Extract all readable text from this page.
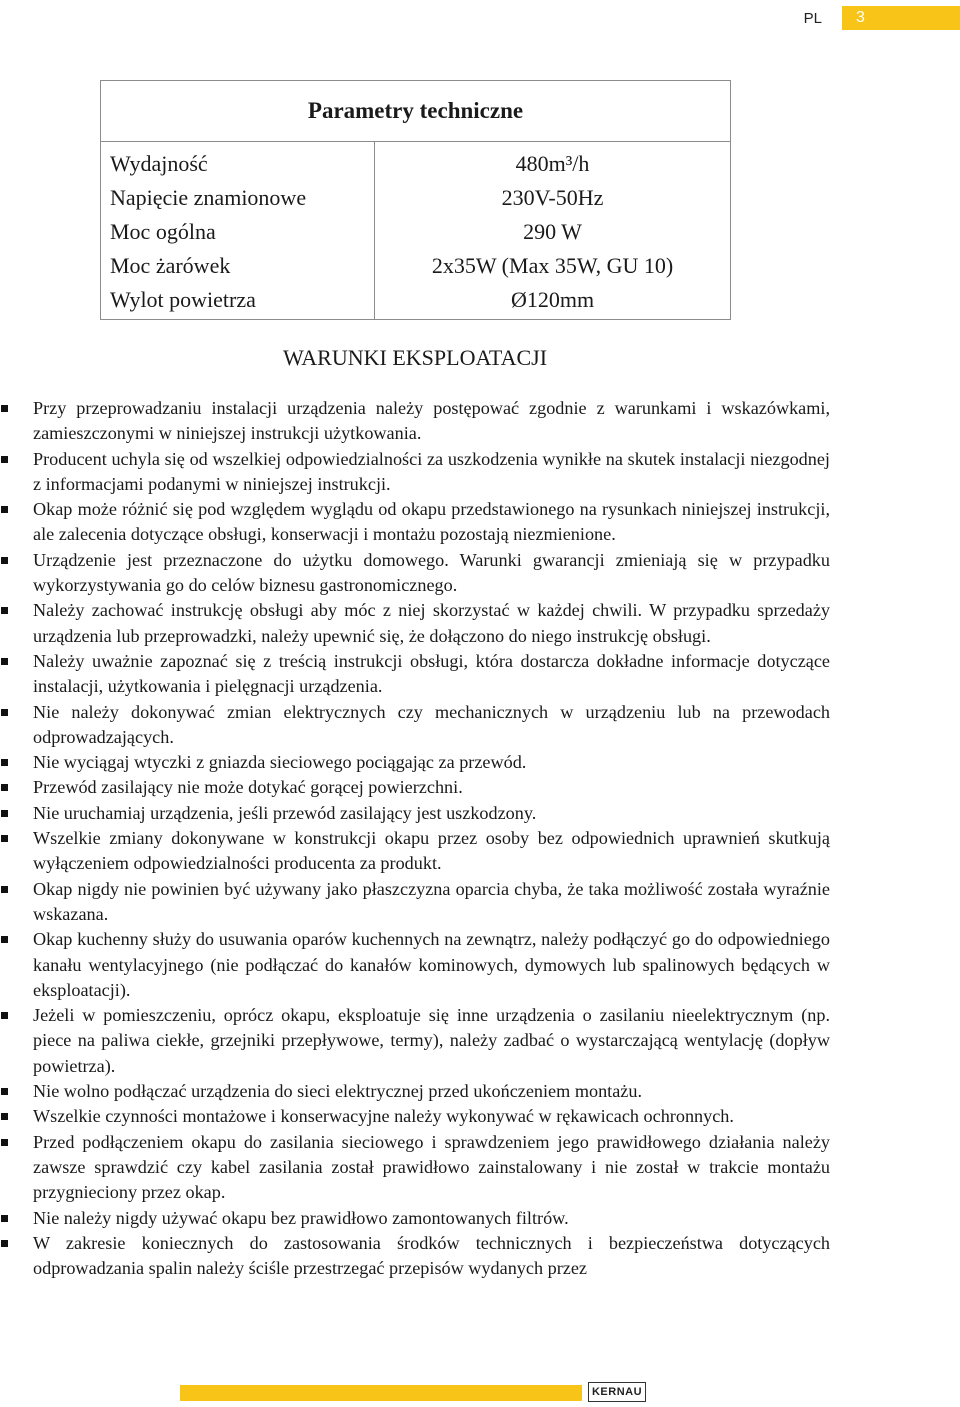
PL	3
Parametry techniczne	
Wydajność	480m³/h
Napięcie znamionowe	230V-50Hz
Moc ogólna	290 W
Moc żarówek	2x35W (Max 35W, GU 10)
Wylot powietrza	Ø120mm
WARUNKI EKSPLOATACJI
Przy przeprowadzaniu instalacji urządzenia należy postępować zgodnie z warunkami i wskazówkami, zamieszczonymi w niniejszej instrukcji użytkowania.
Producent uchyla się od wszelkiej odpowiedzialności za uszkodzenia wynikłe na skutek instalacji niezgodnej z informacjami podanymi w niniejszej instrukcji.
Okap może różnić się pod względem wyglądu od okapu przedstawionego na rysunkach niniejszej instrukcji, ale zalecenia dotyczące obsługi, konserwacji i montażu pozostają niezmienione.
Urządzenie jest przeznaczone do użytku domowego. Warunki gwarancji zmieniają się w przypadku wykorzystywania go do celów biznesu gastronomicznego.
Należy zachować instrukcję obsługi aby móc z niej skorzystać w każdej chwili. W przypadku sprzedaży urządzenia lub przeprowadzki, należy upewnić się, że dołączono do niego instrukcję obsługi.
Należy uważnie zapoznać się z treścią instrukcji obsługi, która dostarcza dokładne informacje dotyczące instalacji, użytkowania i pielęgnacji urządzenia.
Nie należy dokonywać zmian elektrycznych czy mechanicznych w urządzeniu lub na przewodach odprowadzających.
Nie wyciągaj wtyczki z gniazda sieciowego pociągając za przewód.
Przewód zasilający nie może dotykać gorącej powierzchni.
Nie uruchamiaj urządzenia, jeśli przewód zasilający jest uszkodzony.
Wszelkie zmiany dokonywane w konstrukcji okapu przez osoby bez odpowiednich uprawnień skutkują wyłączeniem odpowiedzialności producenta za produkt.
Okap nigdy nie powinien być używany jako płaszczyzna oparcia chyba, że taka możliwość została wyraźnie wskazana.
Okap kuchenny służy do usuwania oparów kuchennych na zewnątrz, należy podłączyć go do odpowiedniego kanału wentylacyjnego (nie podłączać do kanałów kominowych, dymowych lub spalinowych będących w eksploatacji).
Jeżeli w pomieszczeniu, oprócz okapu, eksploatuje się inne urządzenia o zasilaniu nieelektrycznym (np. piece na paliwa ciekłe, grzejniki przepływowe, termy), należy zadbać o wystarczającą wentylację (dopływ powietrza).
Nie wolno podłączać urządzenia do sieci elektrycznej przed ukończeniem montażu.
Wszelkie czynności montażowe i konserwacyjne należy wykonywać w rękawicach ochronnych.
Przed podłączeniem okapu do zasilania sieciowego i sprawdzeniem jego prawidłowego działania należy zawsze sprawdzić czy kabel zasilania został prawidłowo zainstalowany i nie został w trakcie montażu przygnieciony przez okap.
Nie należy nigdy używać okapu bez prawidłowo zamontowanych filtrów.
W zakresie koniecznych do zastosowania środków technicznych i bezpieczeństwa dotyczących odprowadzania spalin należy ściśle przestrzegać przepisów wydanych przez
KERNAU
